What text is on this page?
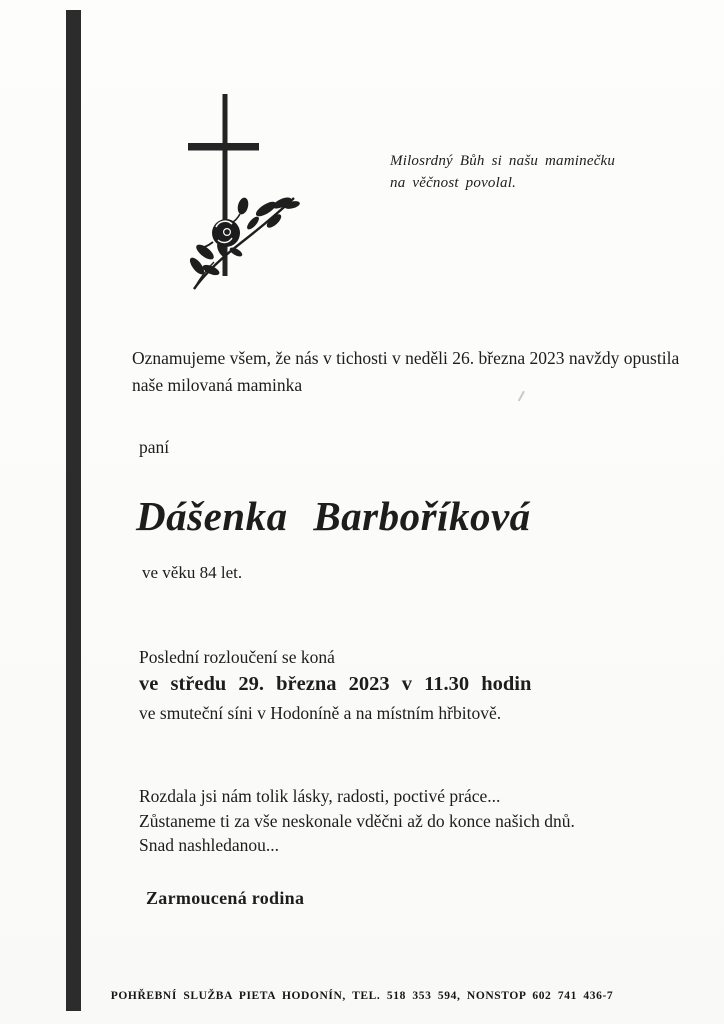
Milosrdný Bůh si našu maminečku
na věčnost povolal.
Oznamujeme všem, že nás v tichosti v neděli 26. března 2023 navždy opustila
naše milovaná maminka
paní
Dášenka Barboříková
ve věku 84 let.
Poslední rozloučení se koná
ve středu 29. března 2023 v 11.30 hodin
ve smuteční síni v Hodoníně a na místním hřbitově.
Rozdala jsi nám tolik lásky, radosti, poctivé práce...
Zůstaneme ti za vše neskonale vděčni až do konce našich dnů.
Snad nashledanou...
Zarmoucená rodina
POHŘEBNÍ SLUŽBA PIETA HODONÍN, TEL. 518 353 594, NONSTOP 602 741 436-7
